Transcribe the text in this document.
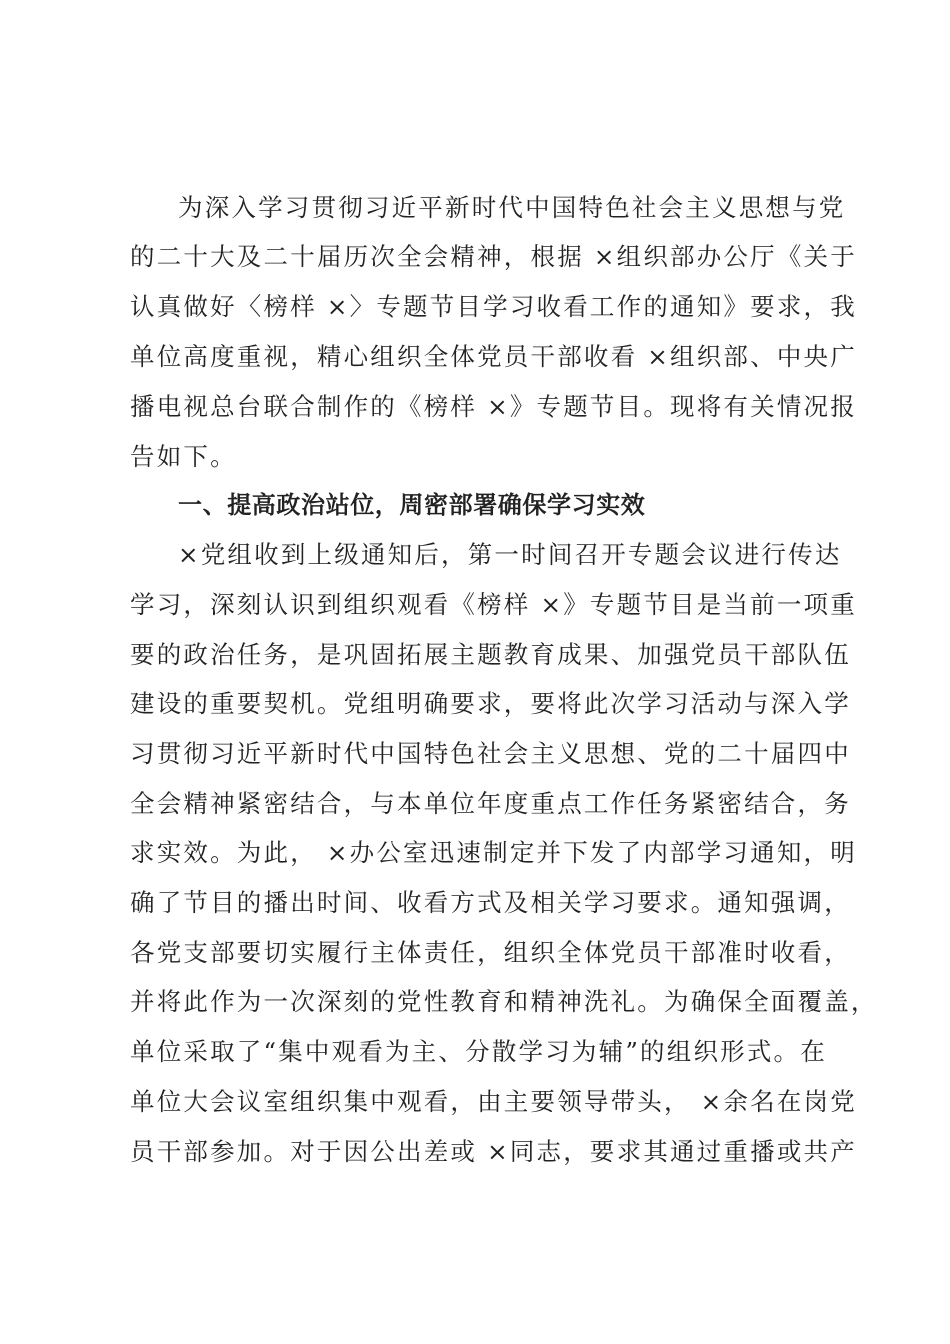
为深入学习贯彻习近平新时代中国特色社会主义思想与党
的二十大及二十届历次全会精神，根据 ×组织部办公厅《关于
认真做好〈榜样 ×〉专题节目学习收看工作的通知》要求，我
单位高度重视，精心组织全体党员干部收看 ×组织部、中央广
播电视总台联合制作的《榜样 ×》专题节目。现将有关情况报
告如下。
一、提高政治站位，周密部署确保学习实效
×党组收到上级通知后，第一时间召开专题会议进行传达
学习，深刻认识到组织观看《榜样 ×》专题节目是当前一项重
要的政治任务，是巩固拓展主题教育成果、加强党员干部队伍
建设的重要契机。党组明确要求，要将此次学习活动与深入学
习贯彻习近平新时代中国特色社会主义思想、党的二十届四中
全会精神紧密结合，与本单位年度重点工作任务紧密结合，务
求实效。为此， ×办公室迅速制定并下发了内部学习通知，明
确了节目的播出时间、收看方式及相关学习要求。通知强调，
各党支部要切实履行主体责任，组织全体党员干部准时收看，
并将此作为一次深刻的党性教育和精神洗礼。为确保全面覆盖，
单位采取了“集中观看为主、分散学习为辅”的组织形式。在
单位大会议室组织集中观看，由主要领导带头， ×余名在岗党
员干部参加。对于因公出差或 ×同志，要求其通过重播或共产
